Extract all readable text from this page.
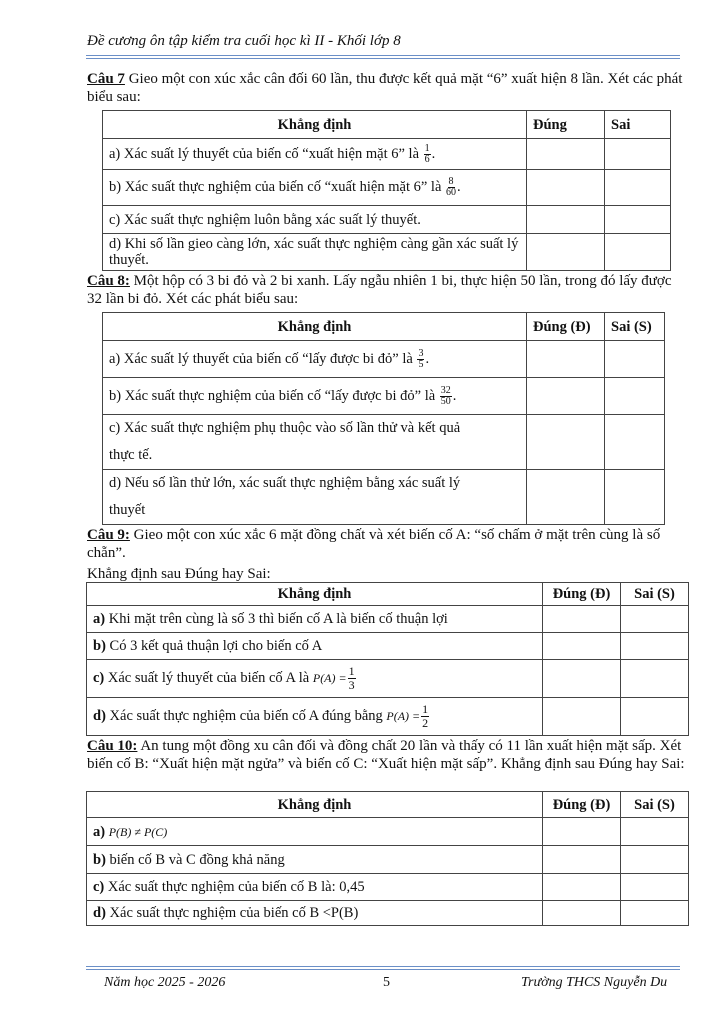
Đề cương ôn tập kiểm tra cuối học kì II - Khối lớp 8
Câu 7 Gieo một con xúc xắc cân đối 60 lần, thu được kết quả mặt “6” xuất hiện 8 lần. Xét các phát biểu sau:
Khẳng định	Đúng	Sai
a) Xác suất lý thuyết của biến cố “xuất hiện mặt 6” là $\frac{1}{6}$ .		
b) Xác suất thực nghiệm của biến cố “xuất hiện mặt 6” là $\frac{8}{60}$ .		
c) Xác suất thực nghiệm luôn bằng xác suất lý thuyết.		
d) Khi số lần gieo càng lớn, xác suất thực nghiệm càng gần xác suất lý thuyết.		
Câu 8: Một hộp có 3 bi đỏ và 2 bi xanh. Lấy ngẫu nhiên 1 bi, thực hiện 50 lần, trong đó lấy được 32 lần bi đỏ. Xét các phát biểu sau:
Khẳng định	Đúng (Đ)	Sai (S)
a) Xác suất lý thuyết của biến cố “lấy được bi đỏ” là $\frac{3}{5}$ .		
b) Xác suất thực nghiệm của biến cố “lấy được bi đỏ” là $\frac{32}{50}$ .		
c) Xác suất thực nghiệm phụ thuộc vào số lần thử và kết quả
thực tế.		
d) Nếu số lần thử lớn, xác suất thực nghiệm bằng xác suất lý
thuyết		
Câu 9: Gieo một con xúc xắc 6 mặt đồng chất và xét biến cố A: “số chấm ở mặt trên cùng là số chẵn”.
Khẳng định sau Đúng hay Sai:
Khẳng định	Đúng (Đ)	Sai (S)
a) Khi mặt trên cùng là số 3 thì biến cố A là biến cố thuận lợi		
b) Có 3 kết quả thuận lợi cho biến cố A		
c) Xác suất lý thuyết của biến cố A là $P(A) = \frac{1}{3}$

d) Xác suất thực nghiệm của biến cố A đúng bằng $P(A) = \frac{1}{2}$

Câu 10: An tung một đồng xu cân đối và đồng chất 20 lần và thấy có 11 lần xuất hiện mặt sấp. Xét biến cố B: “Xuất hiện mặt ngửa” và biến cố C: “Xuất hiện mặt sấp”. Khẳng định sau Đúng hay Sai:
Khẳng định	Đúng (Đ)	Sai (S)
a) P(B) ≠ P(C)		
b) biến cố B và C đồng khả năng		
c) Xác suất thực nghiệm của biến cố B là: 0,45		
d) Xác suất thực nghiệm của biến cố B <P(B)		
Năm học 2025 - 2026	5	Trường THCS Nguyễn Du
